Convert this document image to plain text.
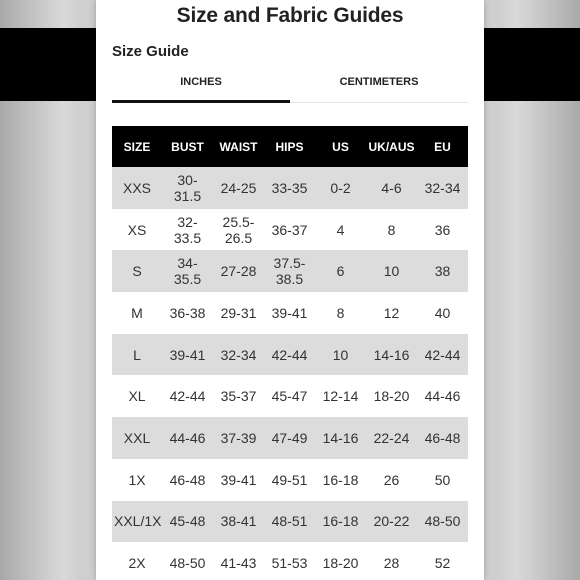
Size and Fabric Guides
Size Guide
INCHES	CENTIMETERS
SIZE	BUST	WAIST	HIPS	US	UK/AUS	EU
XXS	30-31.5	24-25	33-35	0-2	4-6	32-34
XS	32-33.5	25.5-26.5	36-37	4	8	36
S	34-35.5	27-28	37.5-38.5	6	10	38
M	36-38	29-31	39-41	8	12	40
L	39-41	32-34	42-44	10	14-16	42-44
XL	42-44	35-37	45-47	12-14	18-20	44-46
XXL	44-46	37-39	47-49	14-16	22-24	46-48
1X	46-48	39-41	49-51	16-18	26	50
XXL/1X	45-48	38-41	48-51	16-18	20-22	48-50
2X	48-50	41-43	51-53	18-20	28	52
